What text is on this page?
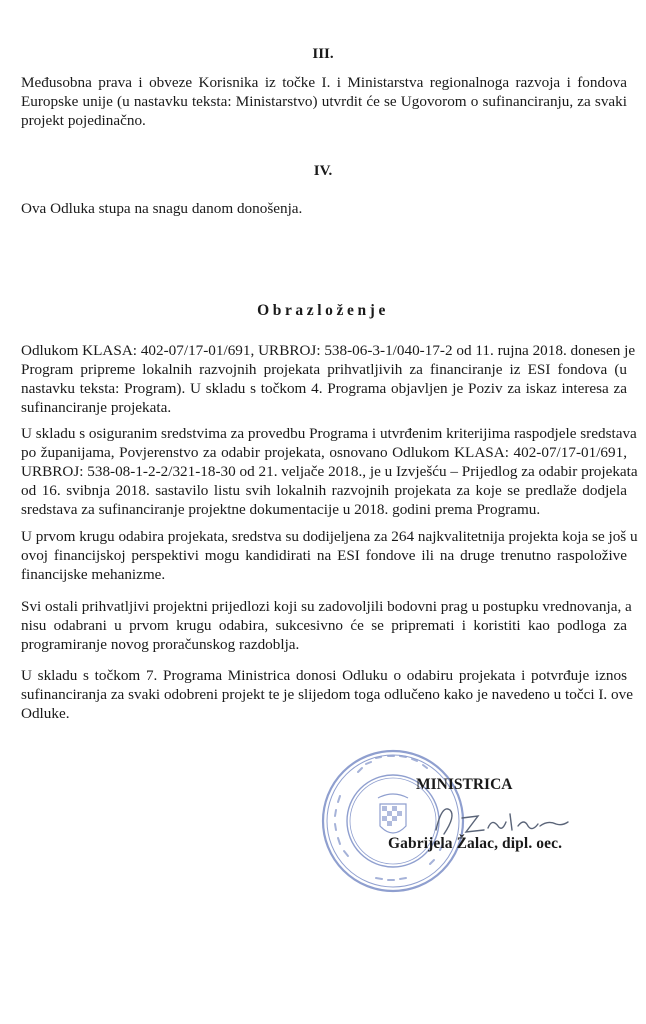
III.
Međusobna prava i obveze Korisnika iz točke I. i Ministarstva regionalnoga razvoja i fondova
Europske unije (u nastavku teksta: Ministarstvo) utvrdit će se Ugovorom o sufinanciranju, za svaki
projekt pojedinačno.
IV.
Ova Odluka stupa na snagu danom donošenja.
Obrazloženje
Odlukom KLASA: 402-07/17-01/691, URBROJ: 538-06-3-1/040-17-2 od 11. rujna 2018. donesen je
Program pripreme lokalnih razvojnih projekata prihvatljivih za financiranje iz ESI fondova (u
nastavku teksta: Program). U skladu s točkom 4. Programa objavljen je Poziv za iskaz interesa za
sufinanciranje projekata.
U skladu s osiguranim sredstvima za provedbu Programa i utvrđenim kriterijima raspodjele sredstava
po županijama, Povjerenstvo za odabir projekata, osnovano Odlukom KLASA: 402-07/17-01/691,
URBROJ: 538-08-1-2-2/321-18-30 od 21. veljače 2018., je u Izvješću – Prijedlog za odabir projekata
od 16. svibnja 2018. sastavilo listu svih lokalnih razvojnih projekata za koje se predlaže dodjela
sredstava za sufinanciranje projektne dokumentacije u 2018. godini prema Programu.
U prvom krugu odabira projekata, sredstva su dodijeljena za 264 najkvalitetnija projekta koja se još u
ovoj financijskoj perspektivi mogu kandidirati na ESI fondove ili na druge trenutno raspoložive
financijske mehanizme.
Svi ostali prihvatljivi projektni prijedlozi koji su zadovoljili bodovni prag u postupku vrednovanja, a
nisu odabrani u prvom krugu odabira, sukcesivno će se pripremati i koristiti kao podloga za
programiranje novog proračunskog razdoblja.
U skladu s točkom 7. Programa Ministrica donosi Odluku o odabiru projekata i potvrđuje iznos
sufinanciranja za svaki odobreni projekt te je slijedom toga odlučeno kako je navedeno u točci I. ove
Odluke.
MINISTRICA
Gabrijela Žalac, dipl. oec.
